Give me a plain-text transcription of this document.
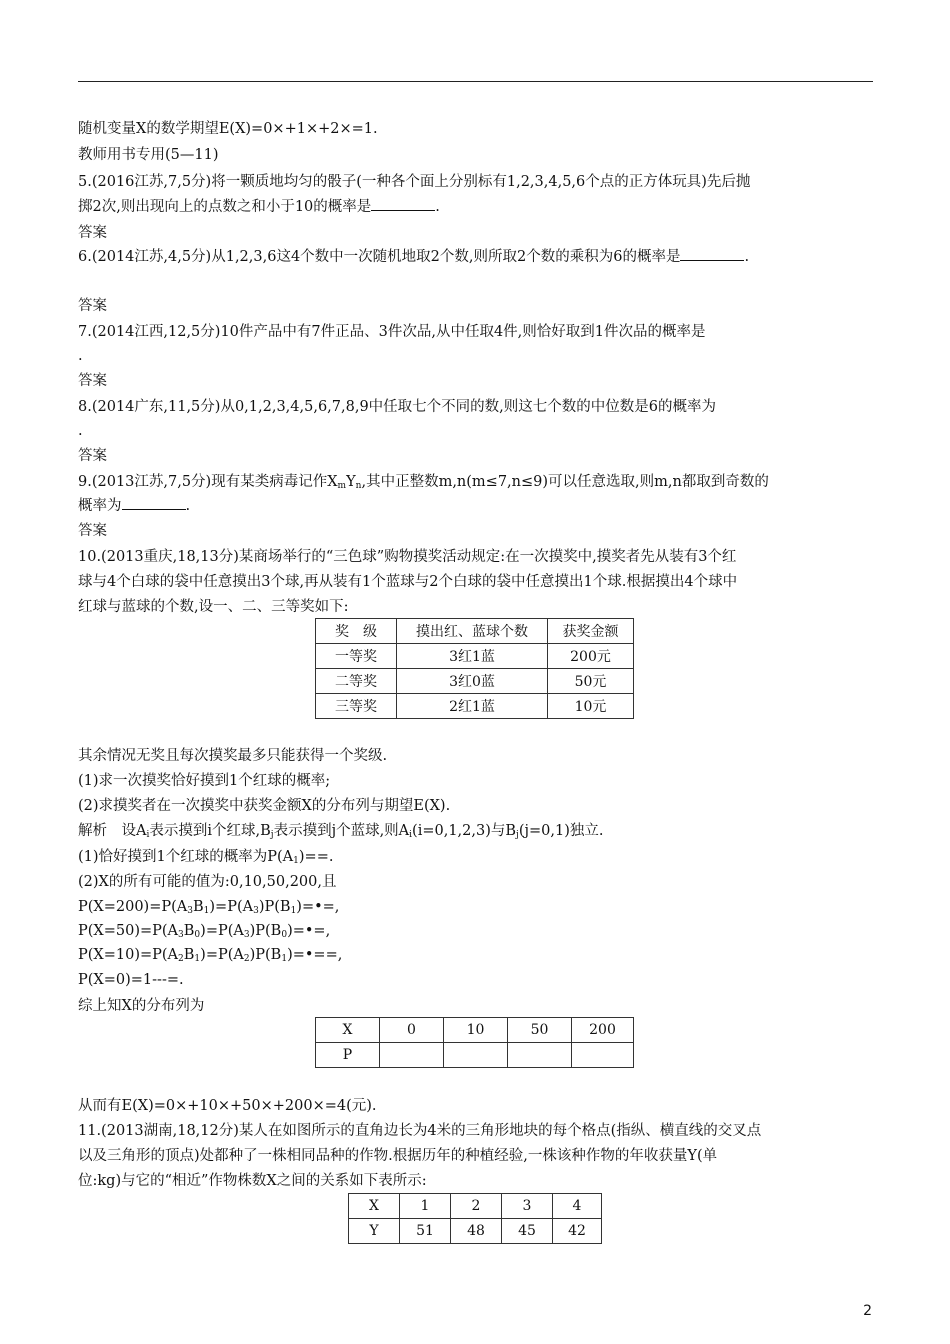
随机变量X的数学期望E(X)=0×+1×+2×=1.
教师用书专用(5—11)
5.(2016江苏,7,5分)将一颗质地均匀的骰子(一种各个面上分别标有1,2,3,4,5,6个点的正方体玩具)先后抛
掷2次,则出现向上的点数之和小于10的概率是	.
答案
6.(2014江苏,4,5分)从1,2,3,6这4个数中一次随机地取2个数,则所取2个数的乘积为6的概率是	.
答案
7.(2014江西,12,5分)10件产品中有7件正品、3件次品,从中任取4件,则恰好取到1件次品的概率是
.
答案
8.(2014广东,11,5分)从0,1,2,3,4,5,6,7,8,9中任取七个不同的数,则这七个数的中位数是6的概率为
.
答案
9.(2013江苏,7,5分)现有某类病毒记作$X_mY_n$,其中正整数m,n(m≤7,n≤9)可以任意选取,则m,n都取到奇数的
概率为	.
答案
10.(2013重庆,18,13分)某商场举行的“三色球”购物摸奖活动规定:在一次摸奖中,摸奖者先从装有3个红
球与4个白球的袋中任意摸出3个球,再从装有1个蓝球与2个白球的袋中任意摸出1个球.根据摸出4个球中
红球与蓝球的个数,设一、二、三等奖如下:
奖　级	摸出红、蓝球个数	获奖金额
一等奖	3红1蓝	200元
二等奖	3红0蓝	50元
三等奖	2红1蓝	10元
其余情况无奖且每次摸奖最多只能获得一个奖级.
(1)求一次摸奖恰好摸到1个红球的概率;
(2)求摸奖者在一次摸奖中获奖金额X的分布列与期望E(X).
解析　设$A_i$表示摸到i个红球$,B_j$表示摸到j个蓝球,则$A_i(i=0,1,2,3)$与$B_j(j=0,1)$独立.
(1)恰好摸到1个红球的概率为$P(A_1)==$.
(2)X的所有可能的值为:0,10,50,200,且
$P(X=200)=P(A_3B_1)=P(A_3)P(B_1)=•=$,
$P(X=50)=P(A_3B_0)=P(A_3)P(B_0)=•=$,
$P(X=10)=P(A_2B_1)=P(A_2)P(B_1)=•==$,
P(X=0)=1---=.
综上知X的分布列为
X	0	10	50	200
P				
从而有E(X)=0×+10×+50×+200×=4(元).
11.(2013湖南,18,12分)某人在如图所示的直角边长为4米的三角形地块的每个格点(指纵、横直线的交叉点
以及三角形的顶点)处都种了一株相同品种的作物.根据历年的种植经验,一株该种作物的年收获量Y(单
位:kg)与它的“相近”作物株数X之间的关系如下表所示:
X	1	2	3	4
Y	51	48	45	42
2
